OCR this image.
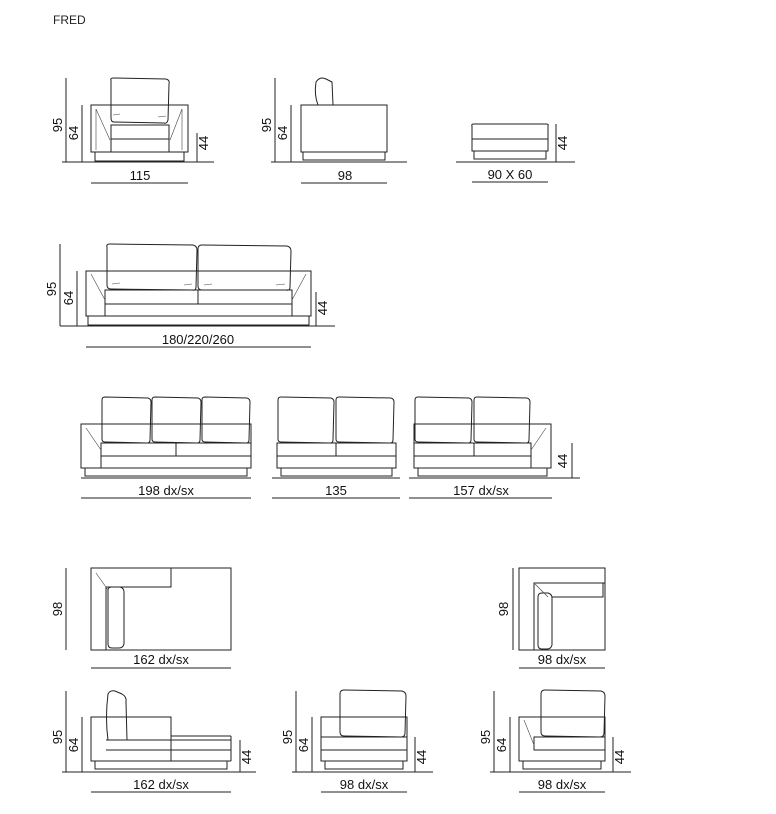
FRED
95
64
44
115
95
64
98
44
90 X 60
95
64
44
180/220/260
198 dx/sx	135
44
157 dx/sx
98
162 dx/sx
98
98 dx/sx
95
64
44
162 dx/sx
95
64
44
98 dx/sx
95
64
44
98 dx/sx
